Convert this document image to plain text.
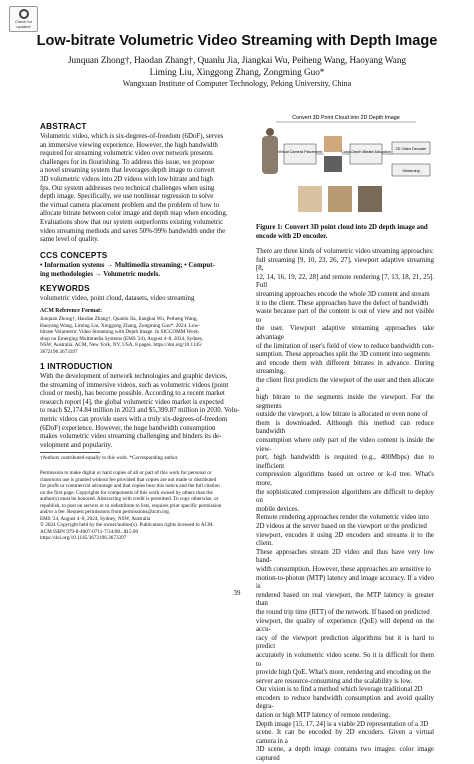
Check for
updates
Low-bitrate Volumetric Video Streaming with Depth Image
Junquan Zhong†, Haodan Zhang†, Quanlu Jia, Jiangkai Wu, Peiheng Wang, Haoyang Wang
Liming Liu, Xinggong Zhang, Zongming Guo*
Wangxuan Institute of Computer Technology, Peking University, China
ABSTRACT
Volumetric video, which is six-degrees-of-freedom (6DoF), serves
an immersive viewing experience. However, the high bandwidth
required for streaming volumetric video over network presents
challenges for its flourishing. To address this issue, we propose
a novel streaming system that leverages depth image to convert
3D volumetric videos into 2D videos with low bitrate and high
fps. Our system addresses two technical challenges when using
depth image. Specifically, we use nonlinear regression to solve
the virtual camera placement problem and the problem of how to
allocate bitrate between color image and depth map when encoding.
Evaluations show that our system outperforms existing volumetric
video streaming methods and saves 50%-99% bandwidth under the
same level of quality.
CCS CONCEPTS
• Information systems → Multimedia streaming; • Comput-
ing methodologies → Volumetric models.
KEYWORDS
volumetric video, point cloud, datasets, video streaming
ACM Reference Format:
Junquan Zhong†, Haodan Zhang†, Quanlu Jia, Jiangkai Wu, Peiheng Wang,
Haoyang Wang, Liming Liu, Xinggong Zhang, Zongming Guo*. 2024. Low-
bitrate Volumetric Video Streaming with Depth Image. In SIGCOMM Work-
shop on Emerging Multimedia Systems (EMS '24), August 4–8, 2024, Sydney,
NSW, Australia. ACM, New York, NY, USA, 8 pages. https://doi.org/10.1145/
3672196.3673397
1 INTRODUCTION
With the development of network technologies and graphic devices,
the streaming of immersive videos, such as volumetric videos (point
cloud or mesh), has become possible. According to a recent market
research report [4], the global volumetric video market is expected
to reach $2,174.84 million in 2023 and $5,399.87 million in 2030. Volu-
metric videos can provide users with a truly six-degrees-of-freedom
(6DoF) experience. However, the huge bandwidth consumption
makes volumetric video streaming challenging and hinders its de-
velopment and popularity.
†Authors contributed equally to this work. *Corresponding author.
Permission to make digital or hard copies of all or part of this work for personal or
classroom use is granted without fee provided that copies are not made or distributed
for profit or commercial advantage and that copies bear this notice and the full citation
on the first page. Copyrights for components of this work owned by others than the
author(s) must be honored. Abstracting with credit is permitted. To copy otherwise, or
republish, to post on servers or to redistribute to lists, requires prior specific permission
and/or a fee. Request permissions from permissions@acm.org.
EMS '24, August 4–8, 2024, Sydney, NSW, Australia
© 2024 Copyright held by the owner/author(s). Publication rights licensed to ACM.
ACM ISBN 979-8-4007-0711-7/24/08...$15.00
https://doi.org/10.1145/3672196.3673397
Convert 3D Point Cloud into 2D Depth Image
Virtual Camera Placement	Color-Depth Bitrate Allocation
2D Video Decoder
Streaming
Figure 1: Convert 3D point cloud into 2D depth image and
encode with 2D encoder.
There are three kinds of volumetric video streaming approaches:
full streaming [9, 10, 23, 26, 27], viewport adaptive streaming [8,
12, 14, 16, 19, 22, 28] and remote rendering [7, 13, 18, 21, 25]. Full
streaming approaches encode the whole 3D content and stream
it to the client. These approaches have the defect of bandwidth
waste because part of the content is out of view and not visible to
the user. Viewport adaptive streaming approaches take advantage
of the limitation of user's field of view to reduce bandwidth con-
sumption. These approaches split the 3D content into segments
and encode them with different bitrates in advance. During streaming,
the client first predicts the viewport of the user and then allocate a
high bitrate to the segments inside the viewport. For the segments
outside the viewport, a low bitrate is allocated or even none of
them is downloaded. Although this method can reduce bandwidth
consumption where only part of the video content is inside the view-
port, high bandwidth is required (e.g., 400Mbps) due to inefficient
compression algorithms based on octree or k-d tree. What's more,
the sophisticated compression algorithms are difficult to deploy on
mobile devices.
Remote rendering approaches render the volumetric video into
2D videos at the server based on the viewport or the predicted
viewport, encodes it using 2D encoders and streams it to the client.
These approaches stream 2D video and thus have very low band-
width consumption. However, these approaches are sensitive to
motion-to-photon (MTP) latency and image accuracy. If a video is
rendered based on real viewport, the MTP latency is greater than
the round trip time (RTT) of the network. If based on predicted
viewport, the quality of experience (QoE) will depend on the accu-
racy of the viewport prediction algorithms but it is hard to predict
accurately in volumetric video scene. So it is difficult for them to
provide high QoE. What's more, rendering and encoding on the
server are resource-consuming and the scalability is low.
Our vision is to find a method which leverage traditional 2D
encoders to reduce bandwidth consumption and avoid quality degra-
dation or high MTP latency of remote rendering.
Depth image [15, 17, 24] is a viable 2D representation of a 3D
scene. It can be encoded by 2D encoders. Given a virtual camera in a
3D scene, a depth image contains two images: color image captured
39
